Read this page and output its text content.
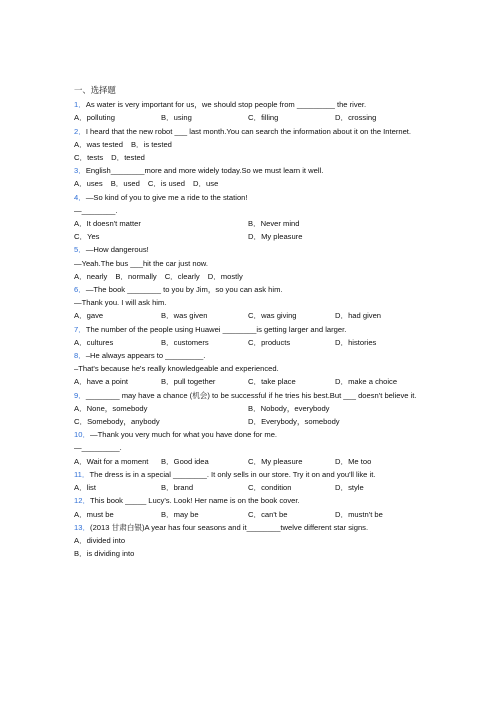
一、选择题
1．As water is very important for us，we should stop people from _________ the river.
A．polluting	B．using	C．filling	D．crossing
2．I heard that the new robot ___ last month.You can search the information about it on the Internet.
A．was tested B．is tested
C．tests D．tested
3．English________more and more widely today.So we must learn it well.
A．uses B．used C．is used D．use
4．—So kind of you to give me a ride to the station!
—________.
A．It doesn't matter	B．Never mind
C．Yes	D．My pleasure
5．—How dangerous!
—Yeah.The bus ___hit the car just now.
A．nearly B．normally C．clearly D．mostly
6．—The book ________ to you by Jim，so you can ask him.
—Thank you. I will ask him.
A．gave	B．was given	C．was giving	D．had given
7．The number of the people using Huawei ________is getting larger and larger.
A．cultures	B．customers	C．products	D．histories
8．–He always appears to _________.
–That's because he's really knowledgeable and experienced.
A．have a point	B．pull together	C．take place	D．make a choice
9．________ may have a chance (机会) to be successful if he tries his best.But ___ doesn't believe it.
A．None，somebody	B．Nobody，everybody
C．Somebody，anybody	D．Everybody，somebody
10．—Thank you very much for what you have done for me.
—_________.
A．Wait for a moment	B．Good idea	C．My pleasure	D．Me too
11．The dress is in a special ________. It only sells in our store. Try it on and you'll like it.
A．list	B．brand	C．condition	D．style
12．This book _____ Lucy's. Look! Her name is on the book cover.
A．must be	B．may be	C．can't be	D．mustn't be
13．(2013 甘肃白银)A year has four seasons and it________twelve different star signs.
A．divided into
B．is dividing into
